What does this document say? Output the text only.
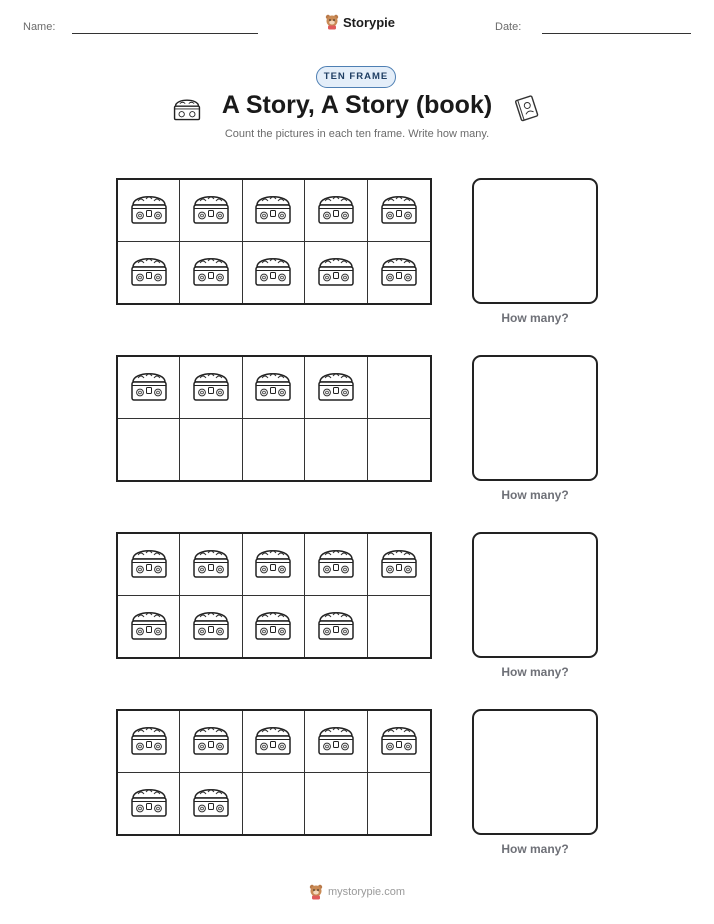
Name:	Storypie	Date:
TEN FRAME
A Story, A Story (book)
Count the pictures in each ten frame. Write how many.
How many?
How many?
How many?
How many?
mystorypie.com
